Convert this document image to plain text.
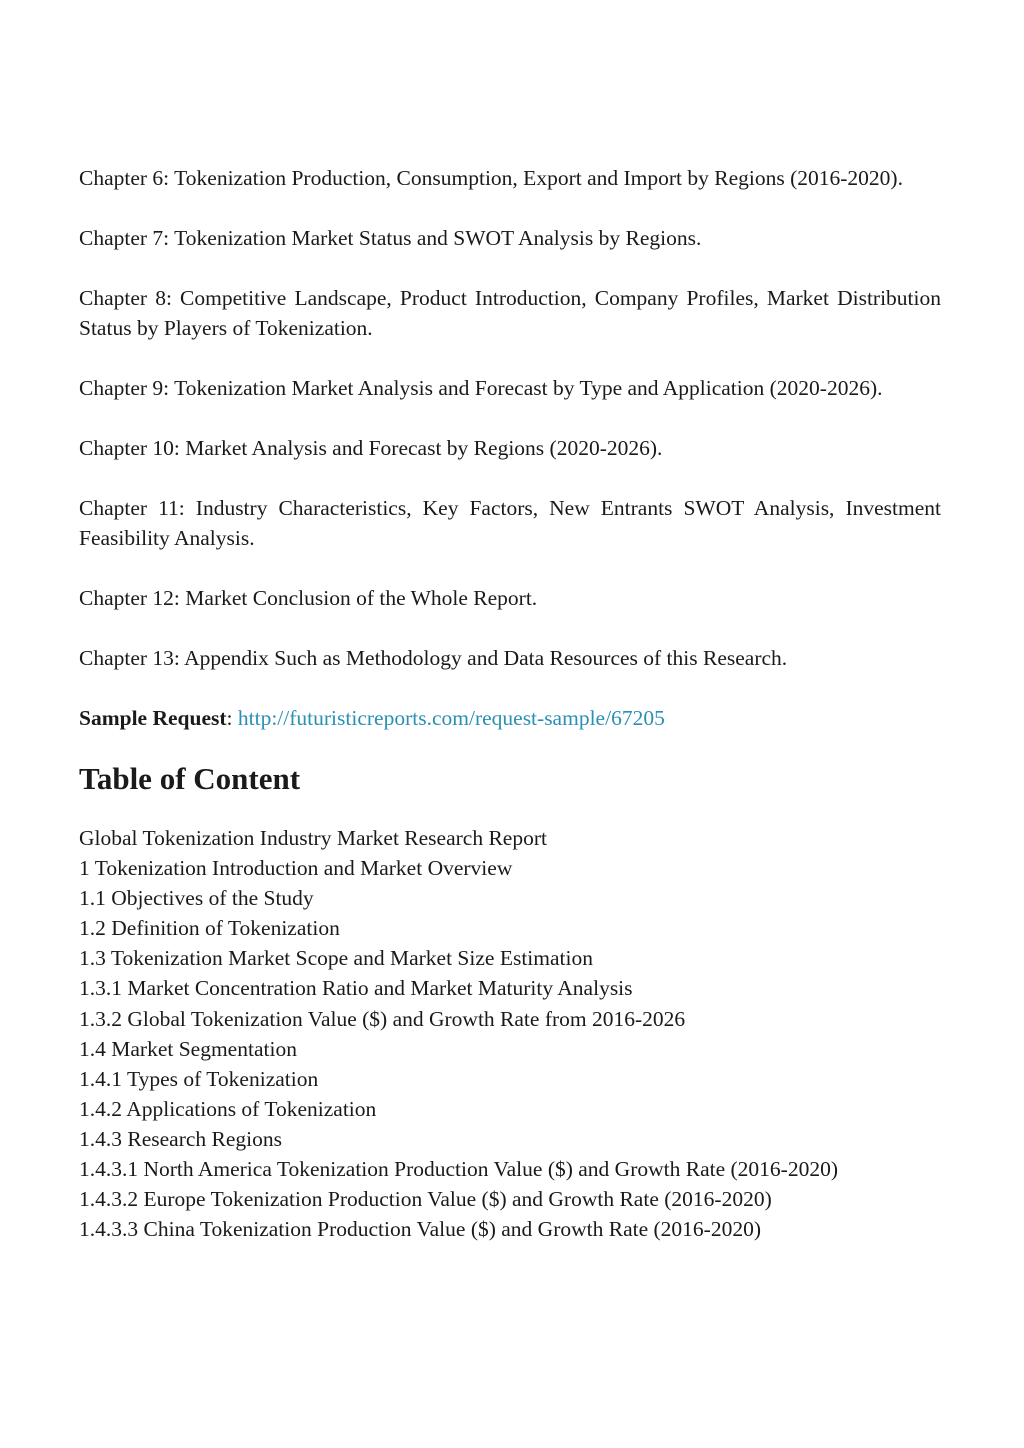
Chapter 6: Tokenization Production, Consumption, Export and Import by Regions (2016-2020).

Chapter 7: Tokenization Market Status and SWOT Analysis by Regions.

Chapter 8: Competitive Landscape, Product Introduction, Company Profiles, Market Distribution Status by Players of Tokenization.

Chapter 9: Tokenization Market Analysis and Forecast by Type and Application (2020-2026).

Chapter 10: Market Analysis and Forecast by Regions (2020-2026).

Chapter 11: Industry Characteristics, Key Factors, New Entrants SWOT Analysis, Investment Feasibility Analysis.

Chapter 12: Market Conclusion of the Whole Report.

Chapter 13: Appendix Such as Methodology and Data Resources of this Research.

Sample Request: http://futuristicreports.com/request-sample/67205

Table of Content
Global Tokenization Industry Market Research Report
1 Tokenization Introduction and Market Overview
1.1 Objectives of the Study
1.2 Definition of Tokenization
1.3 Tokenization Market Scope and Market Size Estimation
1.3.1 Market Concentration Ratio and Market Maturity Analysis
1.3.2 Global Tokenization Value ($) and Growth Rate from 2016-2026
1.4 Market Segmentation
1.4.1 Types of Tokenization
1.4.2 Applications of Tokenization
1.4.3 Research Regions
1.4.3.1 North America Tokenization Production Value ($) and Growth Rate (2016-2020)
1.4.3.2 Europe Tokenization Production Value ($) and Growth Rate (2016-2020)
1.4.3.3 China Tokenization Production Value ($) and Growth Rate (2016-2020)
